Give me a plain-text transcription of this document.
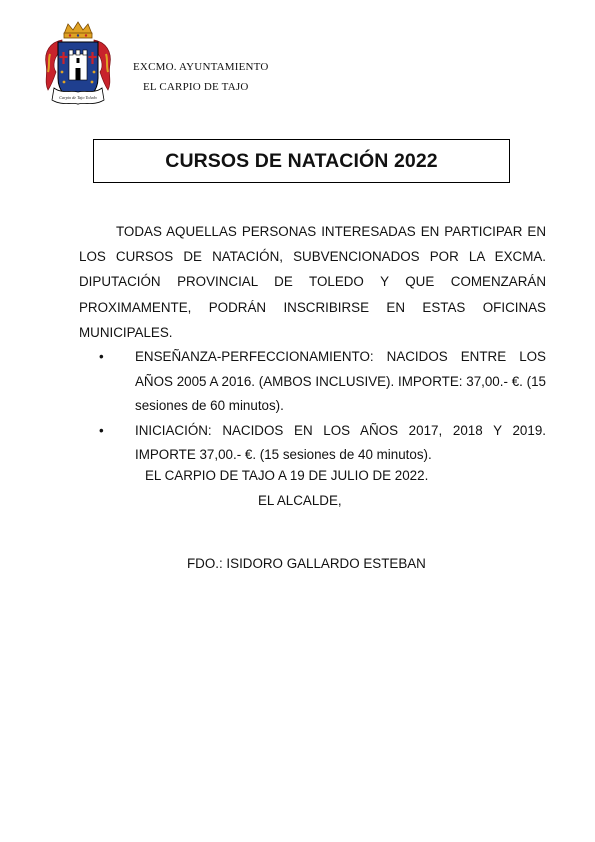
Carpio de Tajo Toledo
EXCMO. AYUNTAMIENTO
EL CARPIO DE TAJO
CURSOS DE NATACIÓN 2022

TODAS AQUELLAS PERSONAS INTERESADAS EN PARTICIPAR EN LOS CURSOS DE NATACIÓN, SUBVENCIONADOS POR LA EXCMA. DIPUTACIÓN PROVINCIAL DE TOLEDO Y QUE COMENZARÁN PROXIMAMENTE, PODRÁN INSCRIBIRSE EN ESTAS OFICINAS MUNICIPALES.

• ENSEÑANZA-PERFECCIONAMIENTO: NACIDOS ENTRE LOS AÑOS 2005 A 2016. (AMBOS INCLUSIVE). IMPORTE: 37,00.- €. (15 sesiones de 60 minutos).
• INICIACIÓN: NACIDOS EN LOS AÑOS 2017, 2018 Y 2019. IMPORTE 37,00.- €. (15 sesiones de 40 minutos).
EL CARPIO DE TAJO A 19 DE JULIO DE 2022.
EL ALCALDE,
FDO.: ISIDORO GALLARDO ESTEBAN
